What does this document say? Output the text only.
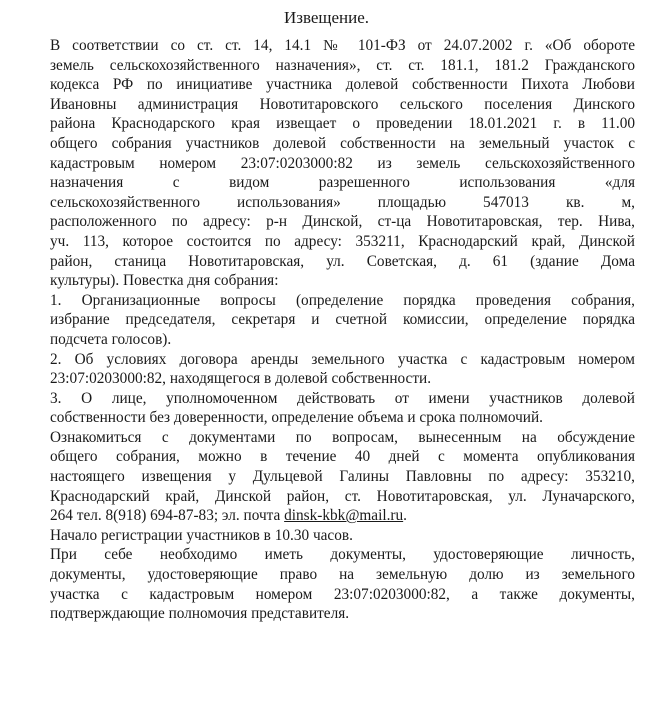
Извещение.
В соответствии со ст. ст. 14, 14.1 № 101-ФЗ от 24.07.2002 г. «Об обороте
земель сельскохозяйственного назначения», ст. ст. 181.1, 181.2 Гражданского
кодекса РФ по инициативе участника долевой собственности Пихота Любови
Ивановны администрация Новотитаровского сельского поселения Динского
района Краснодарского края извещает о проведении 18.01.2021 г. в 11.00
общего собрания участников долевой собственности на земельный участок с
кадастровым номером 23:07:0203000:82 из земель сельскохозяйственного
назначения с видом разрешенного использования «для
сельскохозяйственного использования» площадью 547013 кв. м,
расположенного по адресу: р-н Динской, ст-ца Новотитаровская, тер. Нива,
уч. 113, которое состоится по адресу: 353211, Краснодарский край, Динской
район, станица Новотитаровская, ул. Советская, д. 61 (здание Дома
культуры). Повестка дня собрания:
1. Организационные вопросы (определение порядка проведения собрания,
избрание председателя, секретаря и счетной комиссии, определение порядка
подсчета голосов).
2. Об условиях договора аренды земельного участка с кадастровым номером
23:07:0203000:82, находящегося в долевой собственности.
3. О лице, уполномоченном действовать от имени участников долевой
собственности без доверенности, определение объема и срока полномочий.
Ознакомиться с документами по вопросам, вынесенным на обсуждение
общего собрания, можно в течение 40 дней с момента опубликования
настоящего извещения у Дульцевой Галины Павловны по адресу: 353210,
Краснодарский край, Динской район, ст. Новотитаровская, ул. Луначарского,
264 тел. 8(918) 694-87-83; эл. почта dinsk-kbk@mail.ru.
Начало регистрации участников в 10.30 часов.
При себе необходимо иметь документы, удостоверяющие личность,
документы, удостоверяющие право на земельную долю из земельного
участка с кадастровым номером 23:07:0203000:82, а также документы,
подтверждающие полномочия представителя.
